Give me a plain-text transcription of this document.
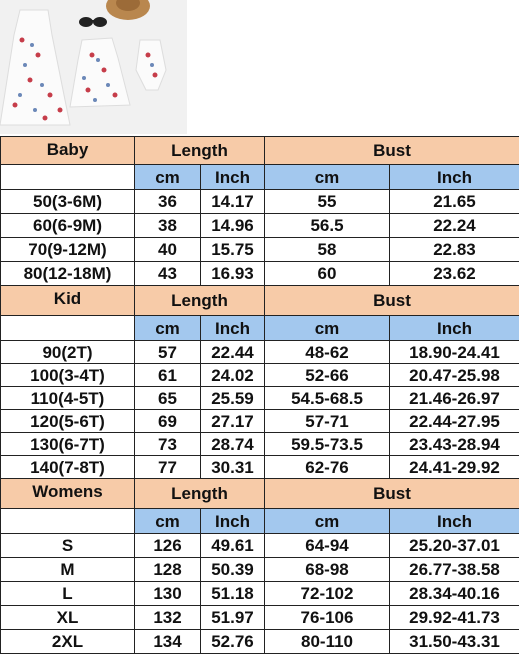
Baby	Length		Bust	
	cm	Inch	cm	Inch
50(3-6M)	36	14.17	55	21.65
60(6-9M)	38	14.96	56.5	22.24
70(9-12M)	40	15.75	58	22.83
80(12-18M)	43	16.93	60	23.62
Kid	Length		Bust	
	cm	Inch	cm	Inch
90(2T)	57	22.44	48-62	18.90-24.41
100(3-4T)	61	24.02	52-66	20.47-25.98
110(4-5T)	65	25.59	54.5-68.5	21.46-26.97
120(5-6T)	69	27.17	57-71	22.44-27.95
130(6-7T)	73	28.74	59.5-73.5	23.43-28.94
140(7-8T)	77	30.31	62-76	24.41-29.92
Womens	Length		Bust	
	cm	Inch	cm	Inch
S	126	49.61	64-94	25.20-37.01
M	128	50.39	68-98	26.77-38.58
L	130	51.18	72-102	28.34-40.16
XL	132	51.97	76-106	29.92-41.73
2XL	134	52.76	80-110	31.50-43.31
